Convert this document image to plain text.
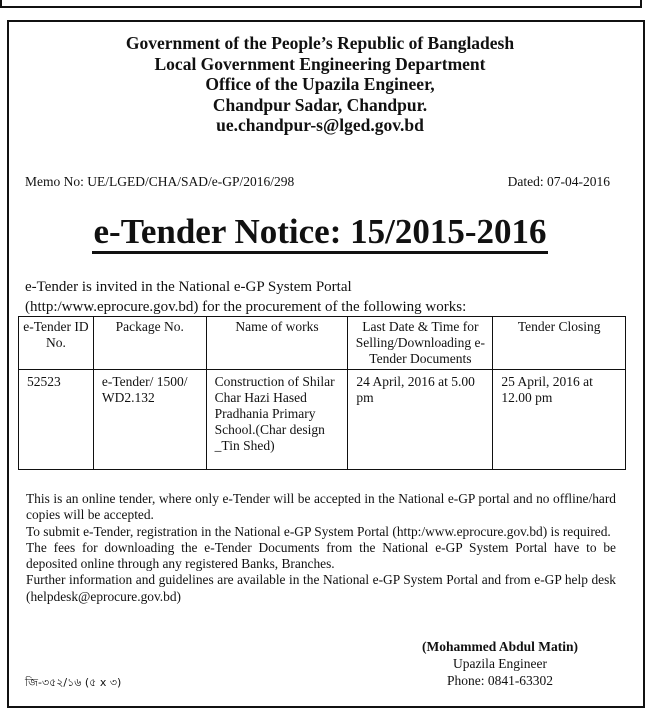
Government of the People’s Republic of Bangladesh
Local Government Engineering Department
Office of the Upazila Engineer,
Chandpur Sadar, Chandpur.
ue.chandpur-s@lged.gov.bd
Memo No: UE/LGED/CHA/SAD/e-GP/2016/298	Dated: 07-04-2016
e-Tender Notice: 15/2015-2016
e-Tender is invited in the National e-GP System Portal
(http:/www.eprocure.gov.bd) for the procurement of the following works:
e-Tender ID No.	Package No.	Name of works	Last Date & Time for Selling/Downloading e-Tender Documents	Tender Closing
52523	e-Tender/ 1500/ WD2.132	Construction of Shilar Char Hazi Hased Pradhania Primary School.(Char design _Tin Shed)	24 April, 2016 at 5.00 pm	25 April, 2016 at 12.00 pm

This is an online tender, where only e-Tender will be accepted in the National e-GP portal and no offline/hard copies will be accepted.

To submit e-Tender, registration in the National e-GP System Portal (http:/www.eprocure.gov.bd) is required.

The fees for downloading the e-Tender Documents from the National e-GP System Portal have to be deposited online through any registered Banks, Branches.

Further information and guidelines are available in the National e-GP System Portal and from e-GP help desk (helpdesk@eprocure.gov.bd)

(Mohammed Abdul Matin)
Upazila Engineer
Phone: 0841-63302
জি-৩৫২/১৬ (৫ x ৩)
